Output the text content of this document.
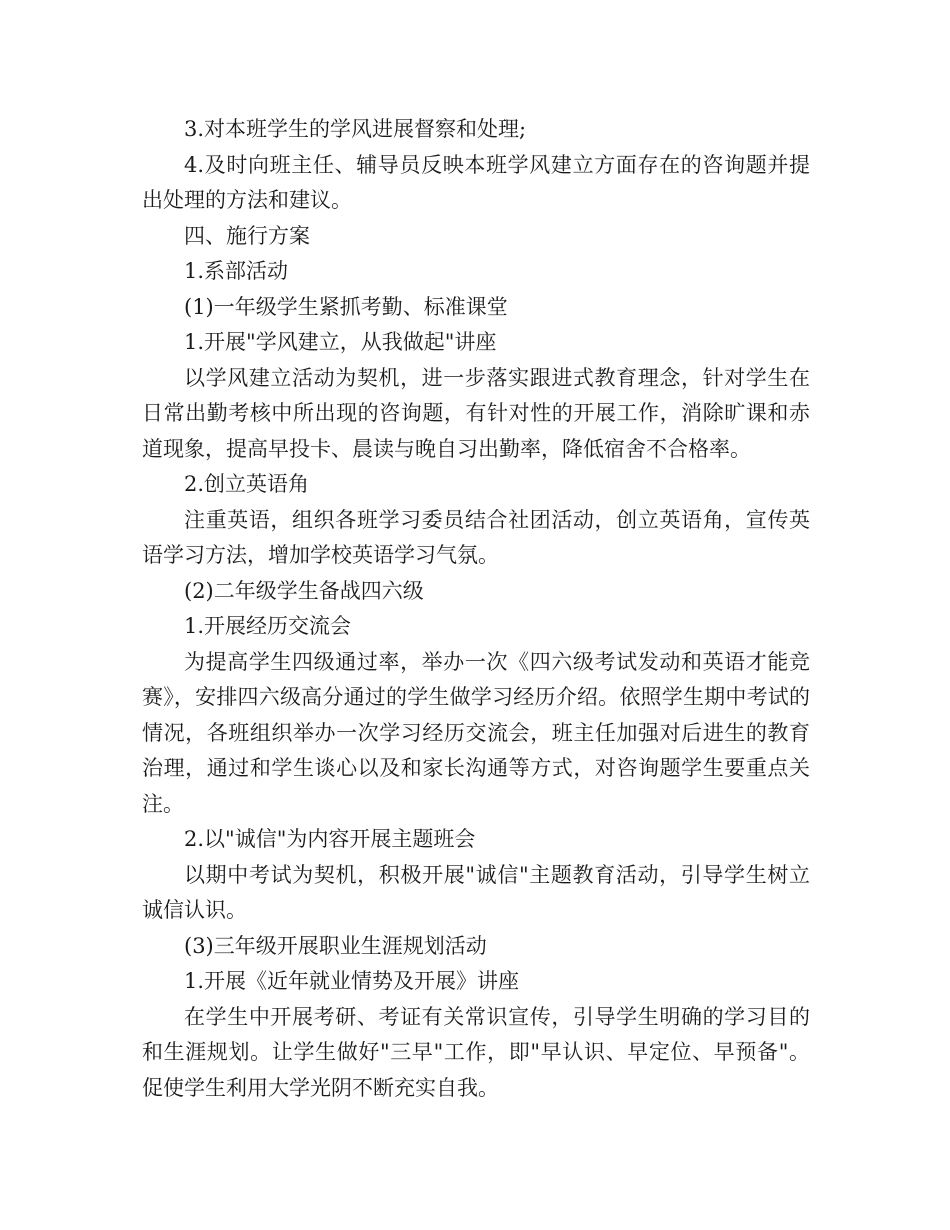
3.对本班学生的学风进展督察和处理;

4.及时向班主任、辅导员反映本班学风建立方面存在的咨询题并提出处理的方法和建议。

四、施行方案

1.系部活动

(1)一年级学生紧抓考勤、标准课堂

1.开展"学风建立，从我做起"讲座

以学风建立活动为契机，进一步落实跟进式教育理念，针对学生在日常出勤考核中所出现的咨询题，有针对性的开展工作，消除旷课和赤道现象，提高早投卡、晨读与晚自习出勤率，降低宿舍不合格率。

2.创立英语角

注重英语，组织各班学习委员结合社团活动，创立英语角，宣传英语学习方法，增加学校英语学习气氛。

(2)二年级学生备战四六级

1.开展经历交流会

为提高学生四级通过率，举办一次《四六级考试发动和英语才能竞赛》，安排四六级高分通过的学生做学习经历介绍。依照学生期中考试的情况，各班组织举办一次学习经历交流会，班主任加强对后进生的教育治理，通过和学生谈心以及和家长沟通等方式，对咨询题学生要重点关注。

2.以"诚信"为内容开展主题班会

以期中考试为契机，积极开展"诚信"主题教育活动，引导学生树立诚信认识。

(3)三年级开展职业生涯规划活动

1.开展《近年就业情势及开展》讲座

在学生中开展考研、考证有关常识宣传，引导学生明确的学习目的和生涯规划。让学生做好"三早"工作，即"早认识、早定位、早预备"。促使学生利用大学光阴不断充实自我。
